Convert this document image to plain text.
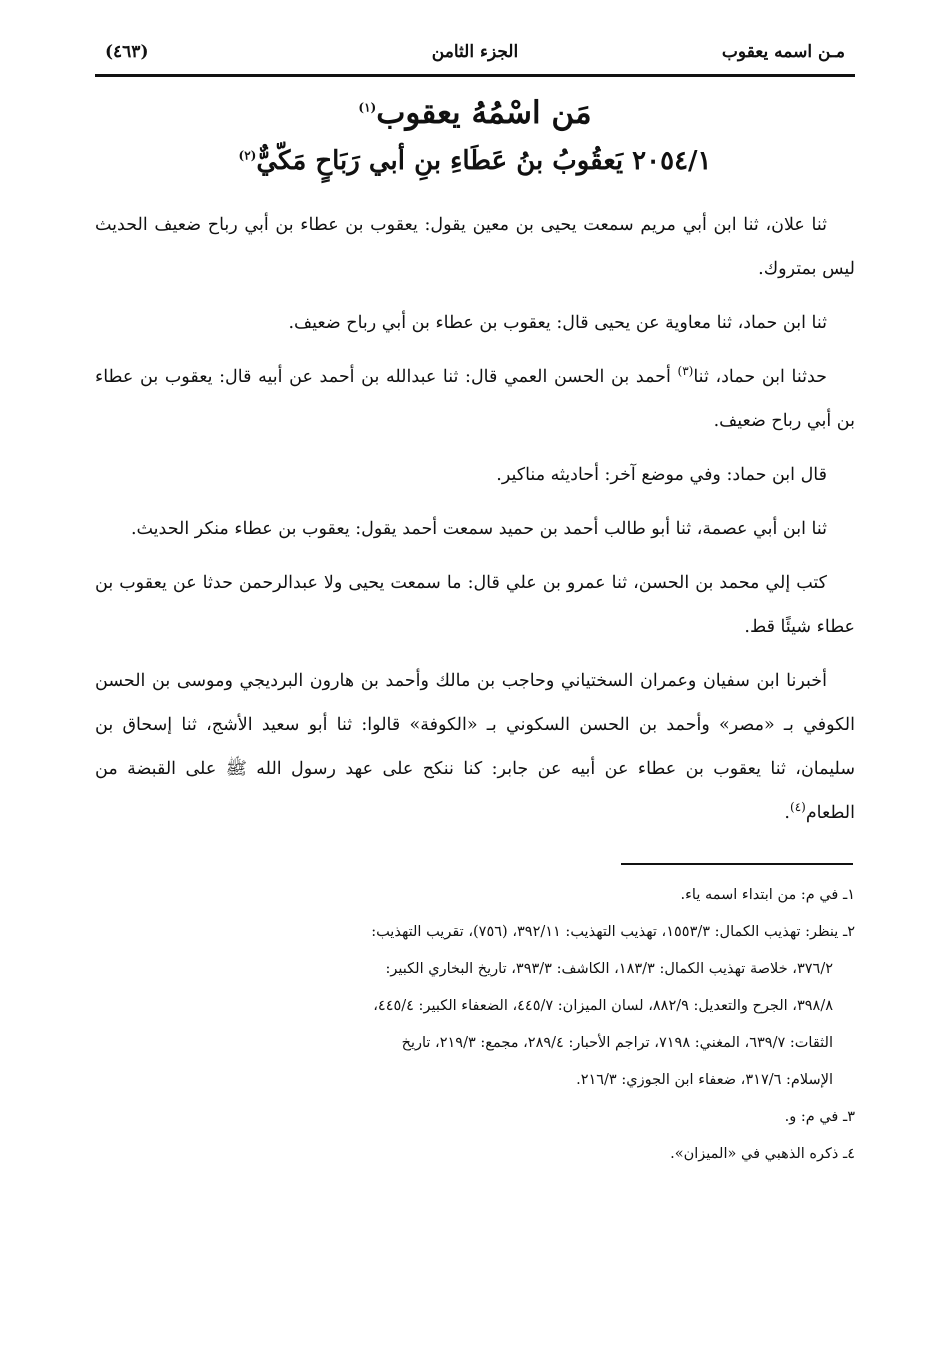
مـن اسمه يعقوب
الجزء الثامن
(٤٦٣)
مَن اسْمُهُ يعقوب$^{(١)}$
٢٠٥٤/١ يَعقُوبُ بنُ عَطَاءِ بنِ أبي رَبَاحٍ مَكّيٌّ$^{(٢)}$

ثنا علان، ثنا ابن أبي مريم سمعت يحيى بن معين يقول: يعقوب بن عطاء بن أبي رباح ضعيف الحديث ليس بمتروك.

ثنا ابن حماد، ثنا معاوية عن يحيى قال: يعقوب بن عطاء بن أبي رباح ضعيف.

حدثنا ابن حماد، ثنا$^{(٣)}$ أحمد بن الحسن العمي قال: ثنا عبدالله بن أحمد عن أبيه قال: يعقوب بن عطاء بن أبي رباح ضعيف.

قال ابن حماد: وفي موضع آخر: أحاديثه مناكير.

ثنا ابن أبي عصمة، ثنا أبو طالب أحمد بن حميد سمعت أحمد يقول: يعقوب بن عطاء منكر الحديث.

كتب إلي محمد بن الحسن، ثنا عمرو بن علي قال: ما سمعت يحيى ولا عبدالرحمن حدثا عن يعقوب بن عطاء شيئًا قط.

أخبرنا ابن سفيان وعمران السختياني وحاجب بن مالك وأحمد بن هارون البرديجي وموسى بن الحسن الكوفي بـ «مصر» وأحمد بن الحسن السكوني بـ «الكوفة» قالوا: ثنا أبو سعيد الأشج، ثنا إسحاق بن سليمان، ثنا يعقوب بن عطاء عن أبيه عن جابر: كنا ننكح على عهد رسول الله ﷺ على القبضة من الطعام$^{(٤)}$.

١ـ في م: من ابتداء اسمه ياء.

٢ـ ينظر: تهذيب الكمال: ١٥٥٣/٣، تهذيب التهذيب: ٣٩٢/١١، (٧٥٦)، تقريب التهذيب:

٣٧٦/٢، خلاصة تهذيب الكمال: ١٨٣/٣، الكاشف: ٣٩٣/٣، تاريخ البخاري الكبير:

٣٩٨/٨، الجرح والتعديل: ٨٨٢/٩، لسان الميزان: ٤٤٥/٧، الضعفاء الكبير: ٤٤٥/٤،

الثقات: ٦٣٩/٧، المغني: ٧١٩٨، تراجم الأحبار: ٢٨٩/٤، مجمع: ٢١٩/٣، تاريخ

الإسلام: ٣١٧/٦، ضعفاء ابن الجوزي: ٢١٦/٣.

٣ـ في م: و.

٤ـ ذكره الذهبي في «الميزان».
